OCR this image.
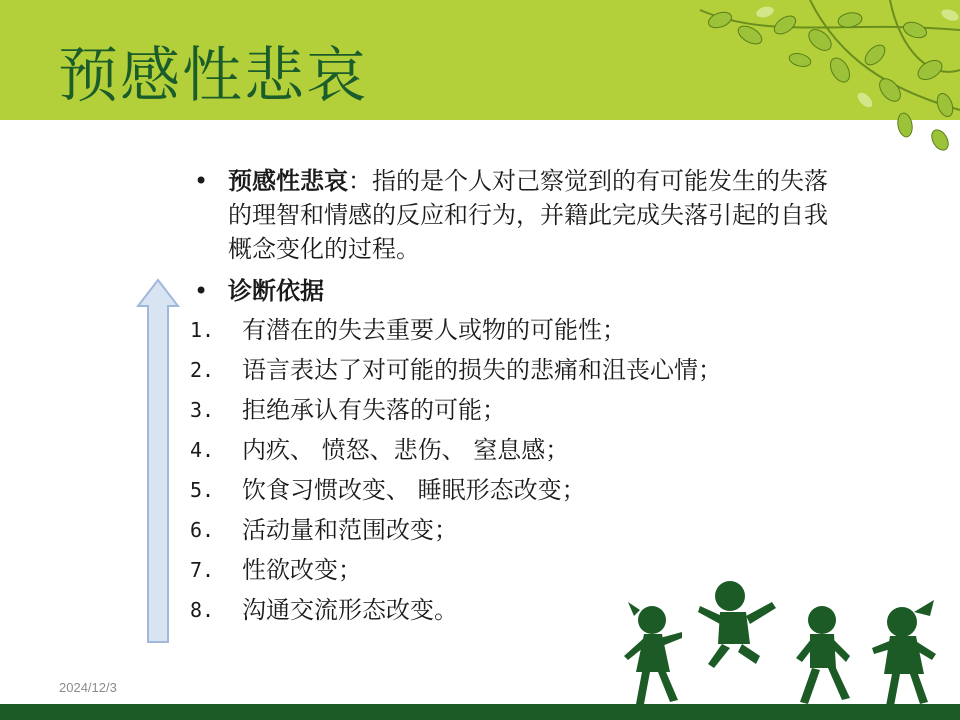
预感性悲哀
• 预感性悲哀：指的是个人对己察觉到的有可能发生的失落的理智和情感的反应和行为，并籍此完成失落引起的自我概念变化的过程。
• 诊断依据
1. 有潜在的失去重要人或物的可能性；
2. 语言表达了对可能的损失的悲痛和沮丧心情；
3. 拒绝承认有失落的可能；
4. 内疚、 愤怒、悲伤、 窒息感；
5. 饮食习惯改变、 睡眠形态改变；
6. 活动量和范围改变；
7. 性欲改变；
8. 沟通交流形态改变。
2024/12/3
